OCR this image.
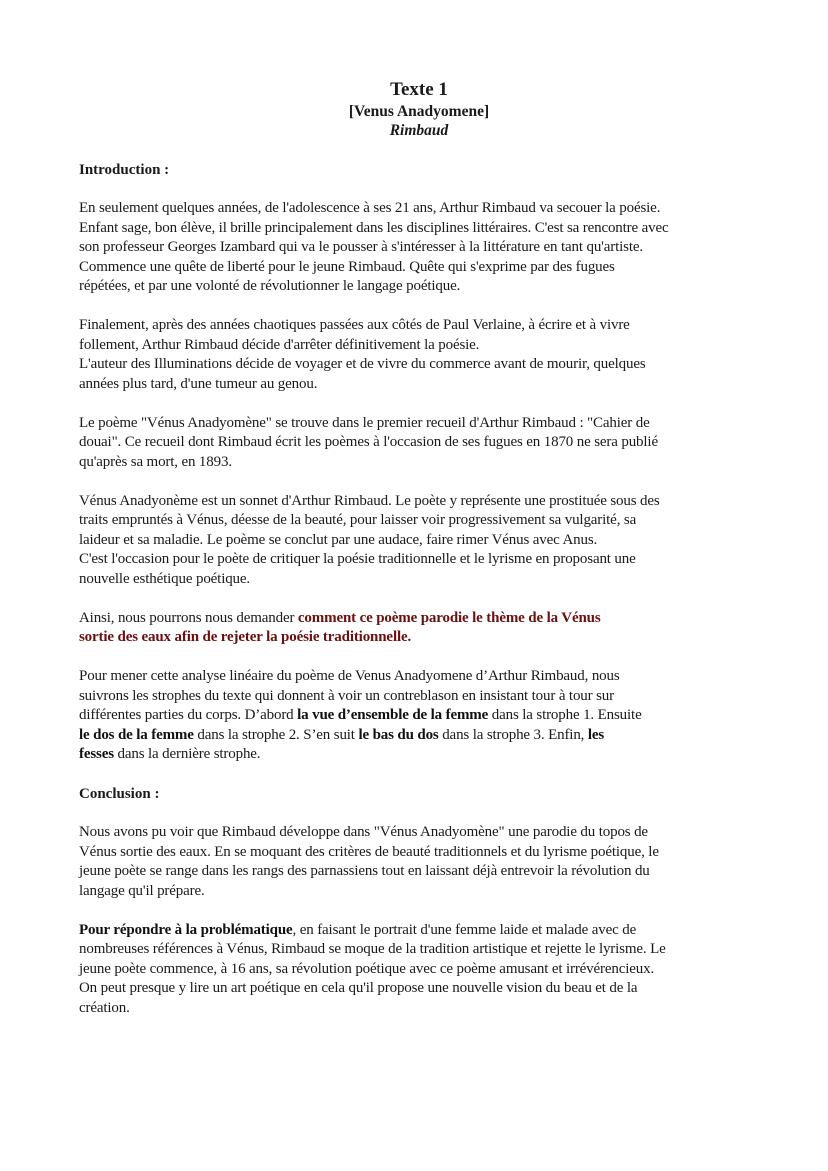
Texte 1
[Venus Anadyomene]
Rimbaud
Introduction :

En seulement quelques années, de l'adolescence à ses 21 ans, Arthur Rimbaud va secouer la poésie.
Enfant sage, bon élève, il brille principalement dans les disciplines littéraires. C'est sa rencontre avec
son professeur Georges Izambard qui va le pousser à s'intéresser à la littérature en tant qu'artiste.
Commence une quête de liberté pour le jeune Rimbaud. Quête qui s'exprime par des fugues
répétées, et par une volonté de révolutionner le langage poétique.

Finalement, après des années chaotiques passées aux côtés de Paul Verlaine, à écrire et à vivre
follement, Arthur Rimbaud décide d'arrêter définitivement la poésie.
L'auteur des Illuminations décide de voyager et de vivre du commerce avant de mourir, quelques
années plus tard, d'une tumeur au genou.

Le poème "Vénus Anadyomène" se trouve dans le premier recueil d'Arthur Rimbaud : "Cahier de
douai". Ce recueil dont Rimbaud écrit les poèmes à l'occasion de ses fugues en 1870 ne sera publié
qu'après sa mort, en 1893.

Vénus Anadyonème est un sonnet d'Arthur Rimbaud. Le poète y représente une prostituée sous des
traits empruntés à Vénus, déesse de la beauté, pour laisser voir progressivement sa vulgarité, sa
laideur et sa maladie. Le poème se conclut par une audace, faire rimer Vénus avec Anus.
C'est l'occasion pour le poète de critiquer la poésie traditionnelle et le lyrisme en proposant une
nouvelle esthétique poétique.

Ainsi, nous pourrons nous demander comment ce poème parodie le thème de la Vénus
sortie des eaux afin de rejeter la poésie traditionnelle.

Pour mener cette analyse linéaire du poème de Venus Anadyomene d’Arthur Rimbaud, nous
suivrons les strophes du texte qui donnent à voir un contreblason en insistant tour à tour sur
différentes parties du corps. D’abord la vue d’ensemble de la femme dans la strophe 1. Ensuite
le dos de la femme dans la strophe 2. S’en suit le bas du dos dans la strophe 3. Enfin, les
fesses dans la dernière strophe.

Conclusion :

Nous avons pu voir que Rimbaud développe dans "Vénus Anadyomène" une parodie du topos de
Vénus sortie des eaux. En se moquant des critères de beauté traditionnels et du lyrisme poétique, le
jeune poète se range dans les rangs des parnassiens tout en laissant déjà entrevoir la révolution du
langage qu'il prépare.

Pour répondre à la problématique, en faisant le portrait d'une femme laide et malade avec de
nombreuses références à Vénus, Rimbaud se moque de la tradition artistique et rejette le lyrisme. Le
jeune poète commence, à 16 ans, sa révolution poétique avec ce poème amusant et irrévérencieux.
On peut presque y lire un art poétique en cela qu'il propose une nouvelle vision du beau et de la
création.
